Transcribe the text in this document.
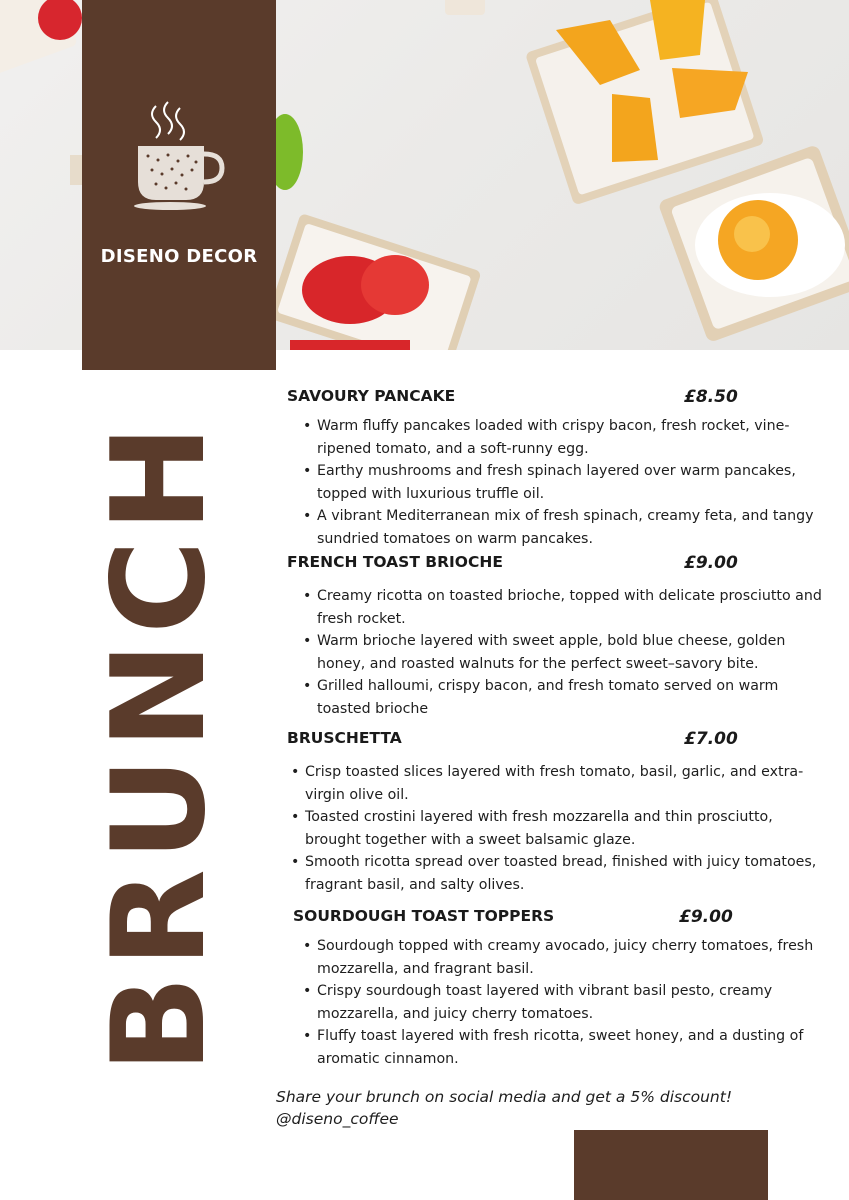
DISENO DECOR
BRUNCH
SAVOURY PANCAKE	£8.50
• Warm fluffy pancakes loaded with crispy bacon, fresh rocket, vine-ripened tomato, and a soft-runny egg.
• Earthy mushrooms and fresh spinach layered over warm pancakes, topped with luxurious truffle oil.
• A vibrant Mediterranean mix of fresh spinach, creamy feta, and tangy sundried tomatoes on warm pancakes.
FRENCH TOAST BRIOCHE	£9.00
• Creamy ricotta on toasted brioche, topped with delicate prosciutto and fresh rocket.
• Warm brioche layered with sweet apple, bold blue cheese, golden honey, and roasted walnuts for the perfect sweet–savory bite.
• Grilled halloumi, crispy bacon, and fresh tomato served on warm toasted brioche
BRUSCHETTA	£7.00
• Crisp toasted slices layered with fresh tomato, basil, garlic, and extra-virgin olive oil.
• Toasted crostini layered with fresh mozzarella and thin prosciutto, brought together with a sweet balsamic glaze.
• Smooth ricotta spread over toasted bread, finished with juicy tomatoes, fragrant basil, and salty olives.
SOURDOUGH TOAST TOPPERS	£9.00
• Sourdough topped with creamy avocado, juicy cherry tomatoes, fresh mozzarella, and fragrant basil.
• Crispy sourdough toast layered with vibrant basil pesto, creamy mozzarella, and juicy cherry tomatoes.
• Fluffy toast layered with fresh ricotta, sweet honey, and a dusting of aromatic cinnamon.
Share your brunch on social media and get a 5% discount!
@diseno_coffee
